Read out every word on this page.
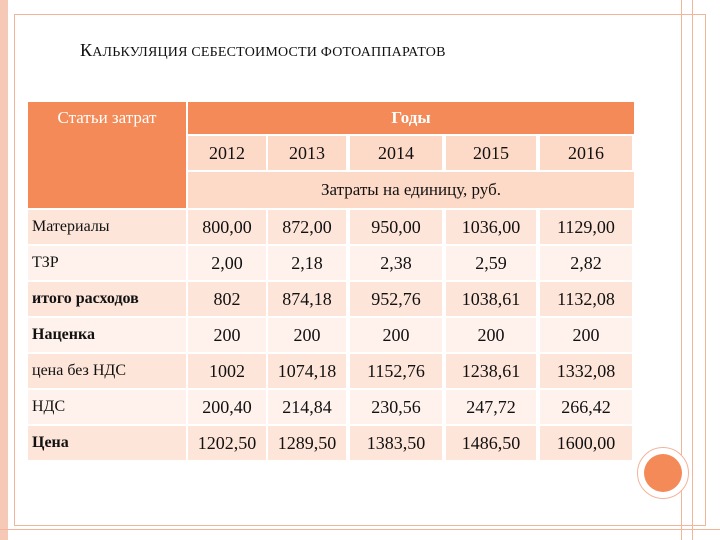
КАЛЬКУЛЯЦИЯ СЕБЕСТОИМОСТИ ФОТОАППАРАТОВ
Статьи затрат	Годы
Затраты на единицу, руб.
2012	2013	2014	2015	2016
Материалы	800,00	872,00	950,00	1036,00	1129,00
ТЗР	2,00	2,18	2,38	2,59	2,82
итого расходов	802	874,18	952,76	1038,61	1132,08
Наценка	200	200	200	200	200
цена без НДС	1002	1074,18	1152,76	1238,61	1332,08
НДС	200,40	214,84	230,56	247,72	266,42
Цена	1202,50	1289,50	1383,50	1486,50	1600,00
